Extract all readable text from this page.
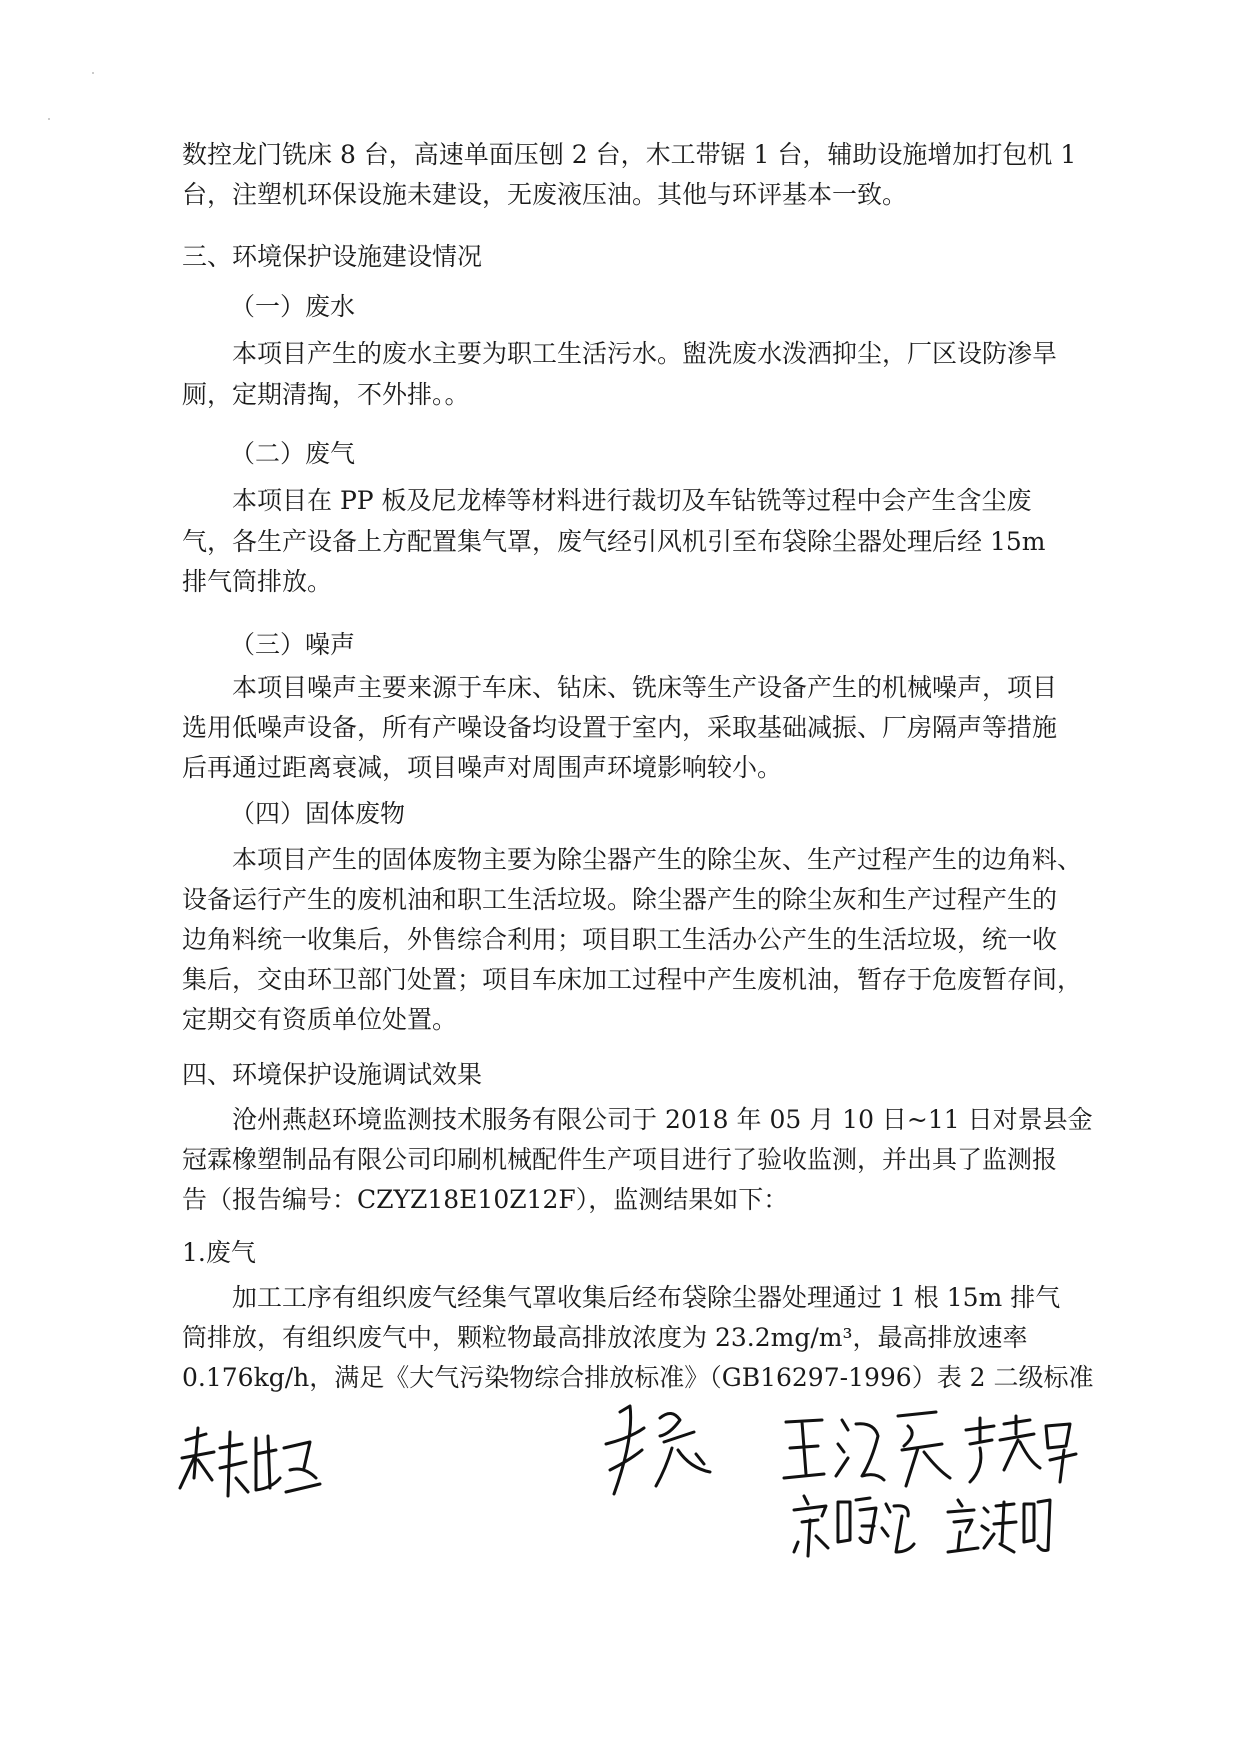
数控龙门铣床 8 台，高速单面压刨 2 台，木工带锯 1 台，辅助设施增加打包机 1
台，注塑机环保设施未建设，无废液压油。其他与环评基本一致。
三、环境保护设施建设情况
（一）废水
本项目产生的废水主要为职工生活污水。盥洗废水泼洒抑尘，厂区设防渗旱
厕，定期清掏，不外排。。
（二）废气
本项目在 PP 板及尼龙棒等材料进行裁切及车钻铣等过程中会产生含尘废
气，各生产设备上方配置集气罩，废气经引风机引至布袋除尘器处理后经 15m
排气筒排放。
（三）噪声
本项目噪声主要来源于车床、钻床、铣床等生产设备产生的机械噪声，项目
选用低噪声设备，所有产噪设备均设置于室内，采取基础减振、厂房隔声等措施
后再通过距离衰减，项目噪声对周围声环境影响较小。
（四）固体废物
本项目产生的固体废物主要为除尘器产生的除尘灰、生产过程产生的边角料、
设备运行产生的废机油和职工生活垃圾。除尘器产生的除尘灰和生产过程产生的
边角料统一收集后，外售综合利用；项目职工生活办公产生的生活垃圾，统一收
集后，交由环卫部门处置；项目车床加工过程中产生废机油，暂存于危废暂存间，
定期交有资质单位处置。
四、环境保护设施调试效果
沧州燕赵环境监测技术服务有限公司于 2018 年 05 月 10 日~11 日对景县金
冠霖橡塑制品有限公司印刷机械配件生产项目进行了验收监测，并出具了监测报
告（报告编号：CZYZ18E10Z12F），监测结果如下：
1.废气
加工工序有组织废气经集气罩收集后经布袋除尘器处理通过 1 根 15m 排气
筒排放，有组织废气中，颗粒物最高排放浓度为 23.2mg/m³，最高排放速率
0.176kg/h，满足《大气污染物综合排放标准》（GB16297-1996）表 2 二级标准
